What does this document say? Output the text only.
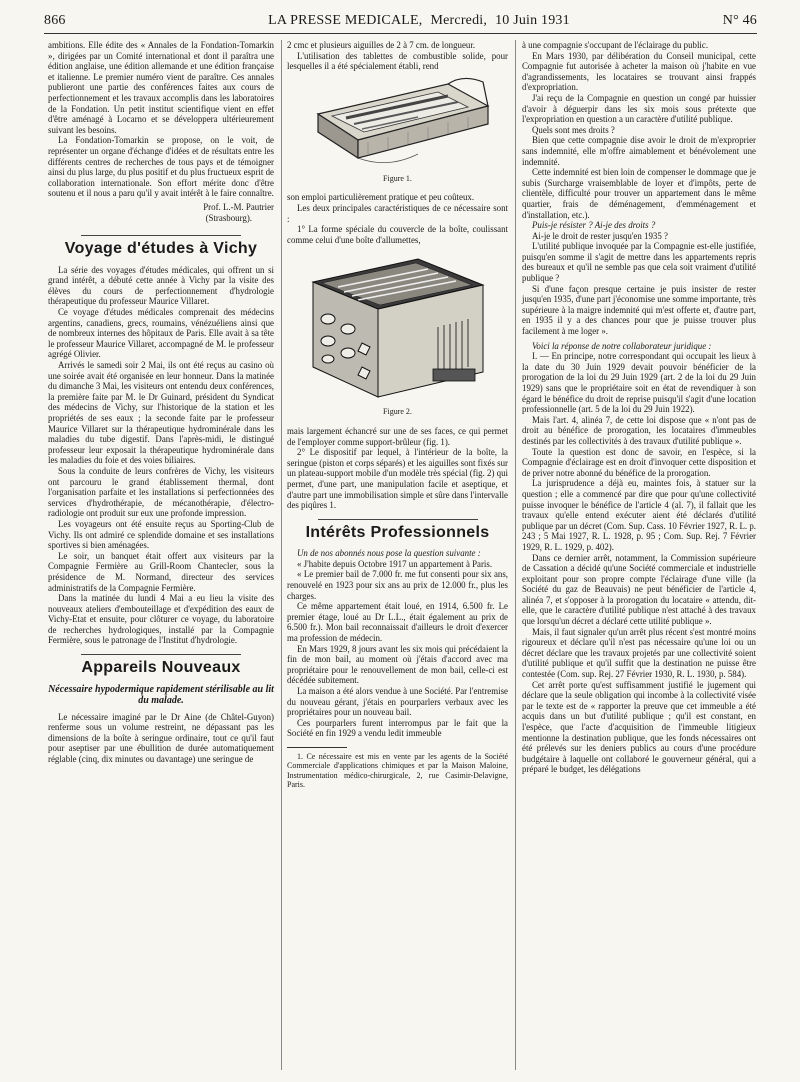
866	LA PRESSE MEDICALE, Mercredi, 10 Juin 1931	N° 46

ambitions. Elle édite des « Annales de la Fondation-Tomarkin », dirigées par un Comité international et dont il paraîtra une édition anglaise, une édition allemande et une édition française et italienne. Le premier numéro vient de paraître. Ces annales publieront une partie des conférences faites aux cours de perfectionnement et les travaux accomplis dans les laboratoires de la Fondation. Un petit institut scientifique vient en effet d'être aménagé à Locarno et se développera ultérieurement suivant les besoins.

La Fondation-Tomarkin se propose, on le voit, de représenter un organe d'échange d'idées et de résultats entre les différents centres de recherches de tous pays et de témoigner ainsi du plus large, du plus positif et du plus fructueux esprit de collaboration internationale. Son effort mérite donc d'être soutenu et il nous a paru qu'il y avait intérêt à le faire connaître.

Prof. L.-M. Pautrier
(Strasbourg).
Voyage d'études à Vichy

La série des voyages d'études médicales, qui offrent un si grand intérêt, a débuté cette année à Vichy par la visite des élèves du cours de perfectionnement d'hydrologie thérapeutique du professeur Maurice Villaret.

Ce voyage d'études médicales comprenait des médecins argentins, canadiens, grecs, roumains, vénézuéliens ainsi que de nombreux internes des hôpitaux de Paris. Elle avait à sa tête le professeur Maurice Villaret, accompagné de M. le professeur agrégé Olivier.

Arrivés le samedi soir 2 Mai, ils ont été reçus au casino où une soirée avait été organisée en leur honneur. Dans la matinée du dimanche 3 Mai, les visiteurs ont entendu deux conférences, la première faite par M. le Dr Guinard, président du Syndicat des médecins de Vichy, sur l'historique de la station et les propriétés de ses eaux ; la seconde faite par le professeur Maurice Villaret sur la thérapeutique hydrominérale dans les maladies du tube digestif. Dans l'après-midi, le distingué professeur leur exposait la thérapeutique hydrominérale dans les maladies du foie et des voies biliaires.

Sous la conduite de leurs confrères de Vichy, les visiteurs ont parcouru le grand établissement thermal, dont l'organisation parfaite et les installations si perfectionnées des services d'hydrothérapie, de mécanothérapie, d'électro-radiologie ont produit sur eux une profonde impression.

Les voyageurs ont été ensuite reçus au Sporting-Club de Vichy. Ils ont admiré ce splendide domaine et ses installations sportives si bien aménagées.

Le soir, un banquet était offert aux visiteurs par la Compagnie Fermière au Grill-Room Chantecler, sous la présidence de M. Normand, directeur des services administratifs de la Compagnie Fermière.

Dans la matinée du lundi 4 Mai a eu lieu la visite des nouveaux ateliers d'embouteillage et d'expédition des eaux de Vichy-Etat et ensuite, pour clôturer ce voyage, du laboratoire de recherches hydrologiques, installé par la Compagnie Fermière, sous le patronage de l'Institut d'hydrologie.

Appareils Nouveaux
Nécessaire hypodermique rapidement stérilisable au lit du malade.

Le nécessaire imaginé par le Dr Aine (de Châtel-Guyon) renferme sous un volume restreint, ne dépassant pas les dimensions de la boîte à seringue ordinaire, tout ce qu'il faut pour aseptiser par une ébullition de durée automatiquement réglable (cinq, dix minutes ou davantage) une seringue de

2 cmc et plusieurs aiguilles de 2 à 7 cm. de longueur.

L'utilisation des tablettes de combustible solide, pour lesquelles il a été spécialement établi, rend

Figure 1.

son emploi particulièrement pratique et peu coûteux.

Les deux principales caractéristiques de ce nécessaire sont :

1° La forme spéciale du couvercle de la boîte, coulissant comme celui d'une boîte d'allumettes,

Figure 2.

mais largement échancré sur une de ses faces, ce qui permet de l'employer comme support-brûleur (fig. 1).

2° Le dispositif par lequel, à l'intérieur de la boîte, la seringue (piston et corps séparés) et les aiguilles sont fixés sur un plateau-support mobile d'un modèle très spécial (fig. 2) qui permet, d'une part, une manipulation facile et aseptique, et d'autre part une immobilisation simple et sûre dans l'intervalle des piqûres 1.

Intérêts Professionnels

Un de nos abonnés nous pose la question suivante :

« J'habite depuis Octobre 1917 un appartement à Paris.

« Le premier bail de 7.000 fr. me fut consenti pour six ans, renouvelé en 1923 pour six ans au prix de 12.000 fr., plus les charges.

Ce même appartement était loué, en 1914, 6.500 fr. Le premier étage, loué au Dr L.L., était également au prix de 6.500 fr.). Mon bail reconnaissait d'ailleurs le droit d'exercer ma profession de médecin.

En Mars 1929, 8 jours avant les six mois qui précédaient la fin de mon bail, au moment où j'étais d'accord avec ma propriétaire pour le renouvellement de mon bail, celle-ci est décédée subitement.

La maison a été alors vendue à une Société. Par l'entremise du nouveau gérant, j'étais en pourparlers verbaux avec les propriétaires pour un nouveau bail.

Ces pourparlers furent interrompus par le fait que la Société en fin 1929 a vendu ledit immeuble

1. Ce nécessaire est mis en vente par les agents de la Société Commerciale d'applications chimiques et par la Maison Maloine, Instrumentation médico-chirurgicale, 2, rue Casimir-Delavigne, Paris.

à une compagnie s'occupant de l'éclairage du public.

En Mars 1930, par délibération du Conseil municipal, cette Compagnie fut autorisée à acheter la maison où j'habite en vue d'agrandissements, les locataires se trouvant ainsi frappés d'expropriation.

J'ai reçu de la Compagnie en question un congé par huissier d'avoir à déguerpir dans les six mois sous prétexte que l'expropriation en question a un caractère d'utilité publique.

Quels sont mes droits ?

Bien que cette compagnie dise avoir le droit de m'exproprier sans indemnité, elle m'offre aimablement et bénévolement une indemnité.

Cette indemnité est bien loin de compenser le dommage que je subis (Surcharge vraisemblable de loyer et d'impôts, perte de clientèle, difficulté pour trouver un appartement dans le même quartier, frais de déménagement, d'emménagement et d'installation, etc.).

Puis-je résister ? Ai-je des droits ?

Ai-je le droit de rester jusqu'en 1935 ?

L'utilité publique invoquée par la Compagnie est-elle justifiée, puisqu'en somme il s'agit de mettre dans les appartements repris des bureaux et qu'il ne semble pas que cela soit vraiment d'utilité publique ?

Si d'une façon presque certaine je puis insister de rester jusqu'en 1935, d'une part j'économise une somme importante, très supérieure à la maigre indemnité qui m'est offerte et, d'autre part, en 1935 il y a des chances pour que je puisse trouver plus facilement à me loger ».

Voici la réponse de notre collaborateur juridique :

I. — En principe, notre correspondant qui occupait les lieux à la date du 30 Juin 1929 devait pouvoir bénéficier de la prorogation de la loi du 29 Juin 1929 (art. 2 de la loi du 29 Juin 1929) sans que le propriétaire soit en état de revendiquer à son égard le bénéfice du droit de reprise puisqu'il s'agit d'une location professionnelle (art. 5 de la loi du 29 Juin 1922).

Mais l'art. 4, alinéa 7, de cette loi dispose que « n'ont pas de droit au bénéfice de prorogation, les locataires d'immeubles destinés par les collectivités à des travaux d'utilité publique ».

Toute la question est donc de savoir, en l'espèce, si la Compagnie d'éclairage est en droit d'invoquer cette disposition et de priver notre abonné du bénéfice de la prorogation.

La jurisprudence a déjà eu, maintes fois, à statuer sur la question ; elle a commencé par dire que pour qu'une collectivité puisse invoquer le bénéfice de l'article 4 (al. 7), il fallait que les travaux qu'elle entend exécuter aient été déclarés d'utilité publique par un décret (Com. Sup. Cass. 10 Février 1927, R. L. p. 243 ; 5 Mai 1927, R. L. 1928, p. 95 ; Com. Sup. Rej. 7 Février 1929, R. L. 1929, p. 402).

Dans ce dernier arrêt, notamment, la Commission supérieure de Cassation a décidé qu'une Société commerciale et industrielle exploitant pour son propre compte l'éclairage d'une ville (la Société du gaz de Beauvais) ne peut bénéficier de l'article 4, alinéa 7, et s'opposer à la prorogation du locataire « attendu, dit-elle, que le caractère d'utilité publique n'est attaché à des travaux que lorsqu'un décret a déclaré cette utilité publique ».

Mais, il faut signaler qu'un arrêt plus récent s'est montré moins rigoureux et déclare qu'il n'est pas nécessaire qu'une loi ou un décret déclare que les travaux projetés par une collectivité soient d'utilité publique et qu'il suffit que la destination ne puisse être contestée (Com. sup. Rej. 27 Février 1930, R. L. 1930, p. 584).

Cet arrêt porte qu'est suffisamment justifié le jugement qui déclare que la seule obligation qui incombe à la collectivité visée par le texte est de « rapporter la preuve que cet immeuble a été acquis dans un but d'utilité publique ; qu'il est constant, en l'espèce, que l'acte d'acquisition de l'immeuble litigieux mentionne la destination publique, que les fonds nécessaires ont été prélevés sur les deniers publics au cours d'une procédure budgétaire à laquelle ont collaboré le gouverneur général, qui a préparé le budget, les délégations
